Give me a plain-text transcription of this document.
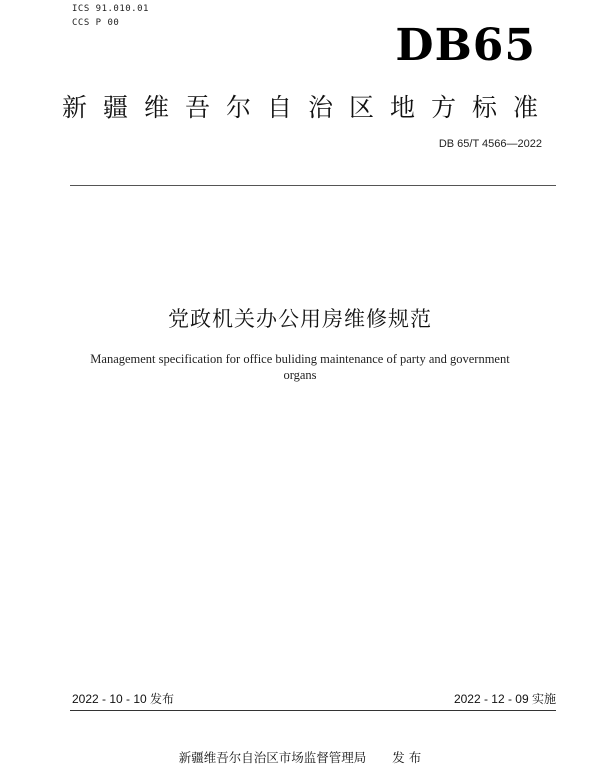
ICS 91.010.01
CCS P 00	DB65
新疆维吾尔自治区地方标准
DB 65/T 4566—2022
党政机关办公用房维修规范
Management specification for office buliding maintenance of party and government
organs
2022 - 10 - 10 发布	2022 - 12 - 09 实施
新疆维吾尔自治区市场监督管理局 发 布
